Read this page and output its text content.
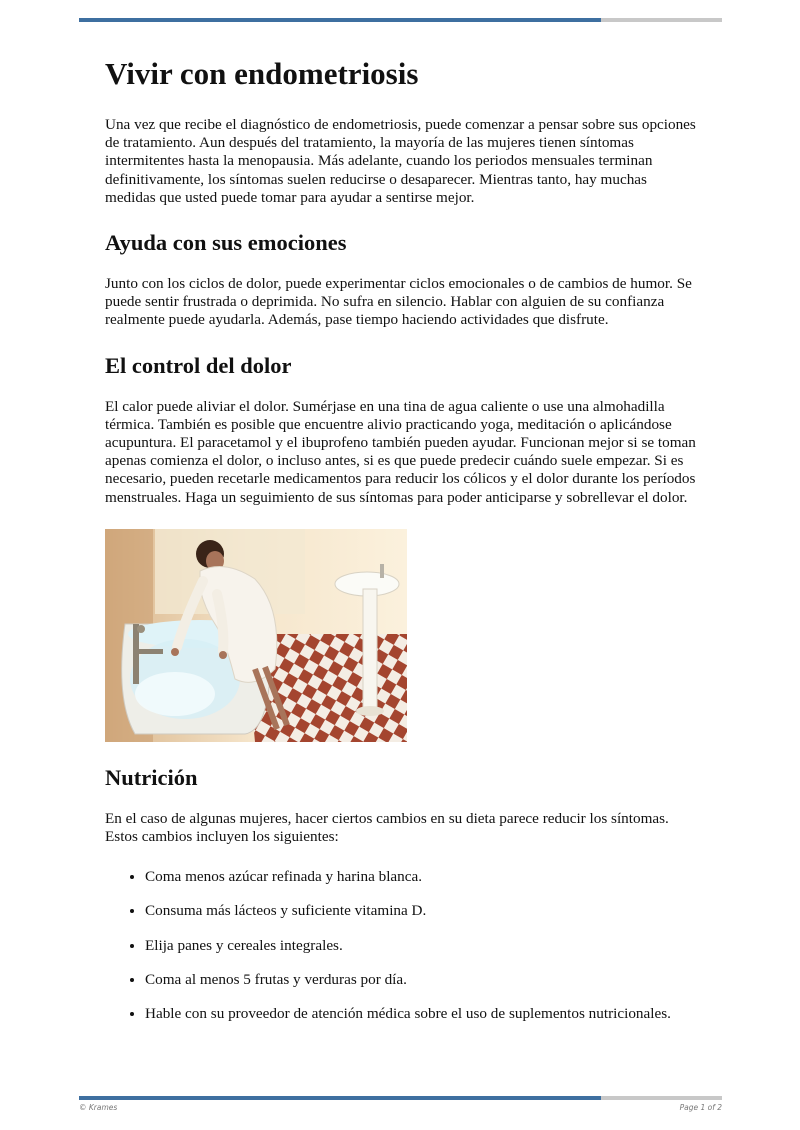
Vivir con endometriosis

Una vez que recibe el diagnóstico de endometriosis, puede comenzar a pensar sobre sus opciones de tratamiento. Aun después del tratamiento, la mayoría de las mujeres tienen síntomas intermitentes hasta la menopausia. Más adelante, cuando los periodos mensuales terminan definitivamente, los síntomas suelen reducirse o desaparecer. Mientras tanto, hay muchas medidas que usted puede tomar para ayudar a sentirse mejor.

Ayuda con sus emociones

Junto con los ciclos de dolor, puede experimentar ciclos emocionales o de cambios de humor. Se puede sentir frustrada o deprimida. No sufra en silencio. Hablar con alguien de su confianza realmente puede ayudarla. Además, pase tiempo haciendo actividades que disfrute.

El control del dolor

El calor puede aliviar el dolor. Sumérjase en una tina de agua caliente o use una almohadilla térmica. También es posible que encuentre alivio practicando yoga, meditación o aplicándose acupuntura. El paracetamol y el ibuprofeno también pueden ayudar. Funcionan mejor si se toman apenas comienza el dolor, o incluso antes, si es que puede predecir cuándo suele empezar. Si es necesario, pueden recetarle medicamentos para reducir los cólicos y el dolor durante los períodos menstruales. Haga un seguimiento de sus síntomas para poder anticiparse y sobrellevar el dolor.

Nutrición

En el caso de algunas mujeres, hacer ciertos cambios en su dieta parece reducir los síntomas. Estos cambios incluyen los siguientes:

• Coma menos azúcar refinada y harina blanca.
• Consuma más lácteos y suficiente vitamina D.
• Elija panes y cereales integrales.
• Coma al menos 5 frutas y verduras por día.
• Hable con su proveedor de atención médica sobre el uso de suplementos nutricionales.
© Krames	Page 1 of 2
